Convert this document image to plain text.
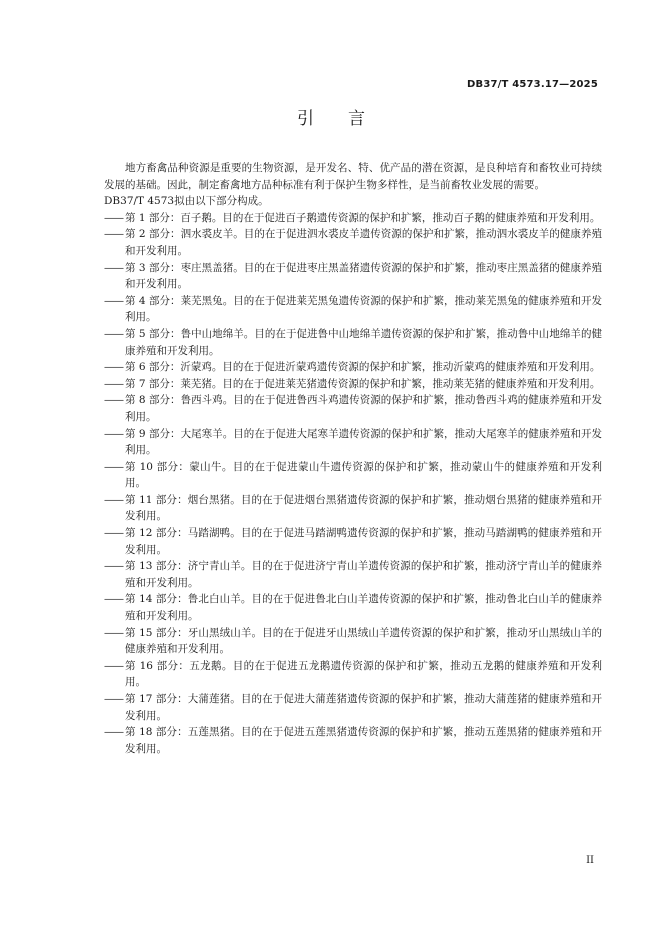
DB37/T 4573.17—2025
引言

地方畜禽品种资源是重要的生物资源，是开发名、特、优产品的潜在资源，是良种培育和畜牧业可持续发展的基础。因此，制定畜禽地方品种标准有利于保护生物多样性，是当前畜牧业发展的需要。

DB37/T 4573拟由以下部分构成。

—— 第 1 部分：百子鹅。目的在于促进百子鹅遗传资源的保护和扩繁，推动百子鹅的健康养殖和开发利用。
—— 第 2 部分：泗水裘皮羊。目的在于促进泗水裘皮羊遗传资源的保护和扩繁，推动泗水裘皮羊的健康养殖和开发利用。
—— 第 3 部分：枣庄黑盖猪。目的在于促进枣庄黑盖猪遗传资源的保护和扩繁，推动枣庄黑盖猪的健康养殖和开发利用。
—— 第 4 部分：莱芜黑兔。目的在于促进莱芜黑兔遗传资源的保护和扩繁，推动莱芜黑兔的健康养殖和开发利用。
—— 第 5 部分：鲁中山地绵羊。目的在于促进鲁中山地绵羊遗传资源的保护和扩繁，推动鲁中山地绵羊的健康养殖和开发利用。
—— 第 6 部分：沂蒙鸡。目的在于促进沂蒙鸡遗传资源的保护和扩繁，推动沂蒙鸡的健康养殖和开发利用。
—— 第 7 部分：莱芜猪。目的在于促进莱芜猪遗传资源的保护和扩繁，推动莱芜猪的健康养殖和开发利用。
—— 第 8 部分：鲁西斗鸡。目的在于促进鲁西斗鸡遗传资源的保护和扩繁，推动鲁西斗鸡的健康养殖和开发利用。
—— 第 9 部分：大尾寒羊。目的在于促进大尾寒羊遗传资源的保护和扩繁，推动大尾寒羊的健康养殖和开发利用。
—— 第 10 部分：蒙山牛。目的在于促进蒙山牛遗传资源的保护和扩繁，推动蒙山牛的健康养殖和开发利用。
—— 第 11 部分：烟台黑猪。目的在于促进烟台黑猪遗传资源的保护和扩繁，推动烟台黑猪的健康养殖和开发利用。
—— 第 12 部分：马踏湖鸭。目的在于促进马踏湖鸭遗传资源的保护和扩繁，推动马踏湖鸭的健康养殖和开发利用。
—— 第 13 部分：济宁青山羊。目的在于促进济宁青山羊遗传资源的保护和扩繁，推动济宁青山羊的健康养殖和开发利用。
—— 第 14 部分：鲁北白山羊。目的在于促进鲁北白山羊遗传资源的保护和扩繁，推动鲁北白山羊的健康养殖和开发利用。
—— 第 15 部分：牙山黑绒山羊。目的在于促进牙山黑绒山羊遗传资源的保护和扩繁，推动牙山黑绒山羊的健康养殖和开发利用。
—— 第 16 部分：五龙鹅。目的在于促进五龙鹅遗传资源的保护和扩繁，推动五龙鹅的健康养殖和开发利用。
—— 第 17 部分：大蒲莲猪。目的在于促进大蒲莲猪遗传资源的保护和扩繁，推动大蒲莲猪的健康养殖和开发利用。
—— 第 18 部分：五莲黑猪。目的在于促进五莲黑猪遗传资源的保护和扩繁，推动五莲黑猪的健康养殖和开发利用。
II
